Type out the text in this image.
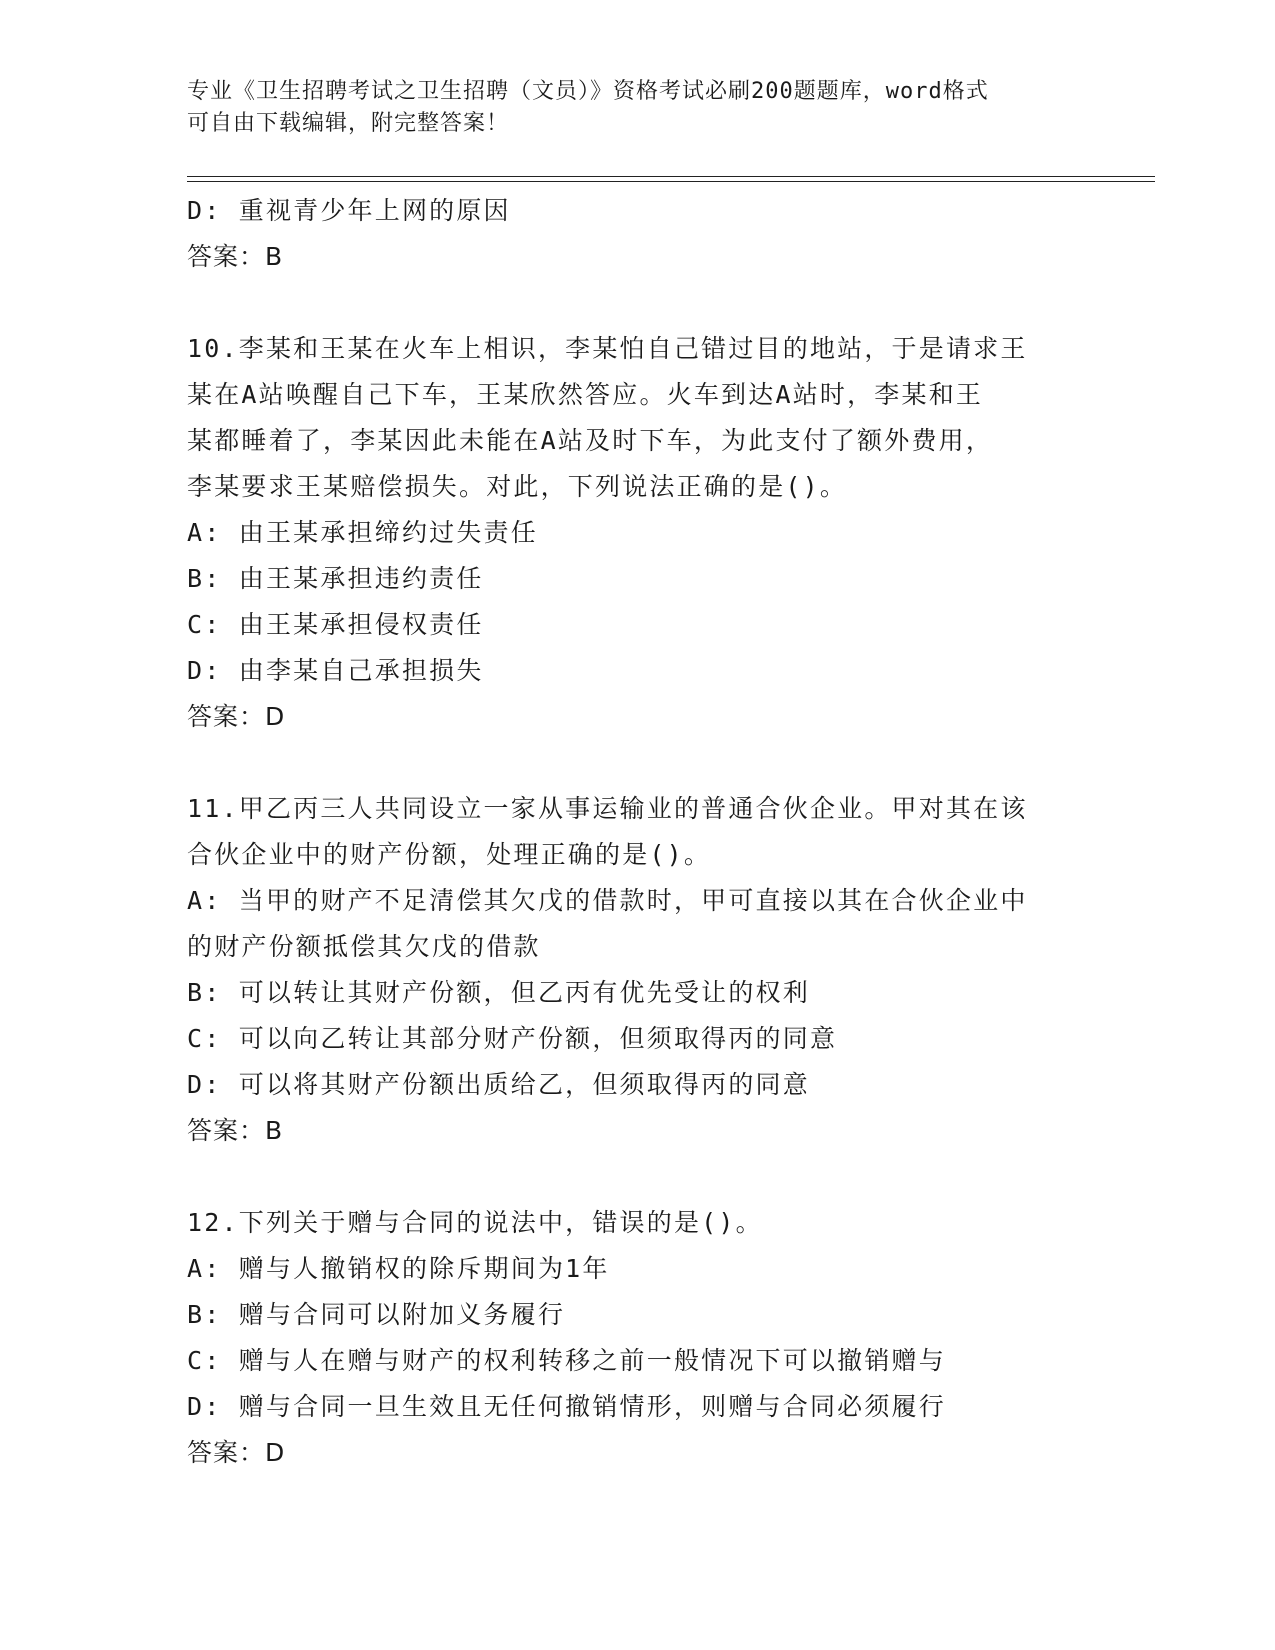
专业《卫生招聘考试之卫生招聘（文员）》资格考试必刷200题题库，word格式
可自由下载编辑，附完整答案！
D: 重视青少年上网的原因
答案：B
10.李某和王某在火车上相识，李某怕自己错过目的地站，于是请求王
某在A站唤醒自己下车，王某欣然答应。火车到达A站时，李某和王
某都睡着了，李某因此未能在A站及时下车，为此支付了额外费用，
李某要求王某赔偿损失。对此，下列说法正确的是()。
A: 由王某承担缔约过失责任
B: 由王某承担违约责任
C: 由王某承担侵权责任
D: 由李某自己承担损失
答案：D
11.甲乙丙三人共同设立一家从事运输业的普通合伙企业。甲对其在该
合伙企业中的财产份额，处理正确的是()。
A: 当甲的财产不足清偿其欠戊的借款时，甲可直接以其在合伙企业中
的财产份额抵偿其欠戊的借款
B: 可以转让其财产份额，但乙丙有优先受让的权利
C: 可以向乙转让其部分财产份额，但须取得丙的同意
D: 可以将其财产份额出质给乙，但须取得丙的同意
答案：B
12.下列关于赠与合同的说法中，错误的是()。
A: 赠与人撤销权的除斥期间为1年
B: 赠与合同可以附加义务履行
C: 赠与人在赠与财产的权利转移之前一般情况下可以撤销赠与
D: 赠与合同一旦生效且无任何撤销情形，则赠与合同必须履行
答案：D
